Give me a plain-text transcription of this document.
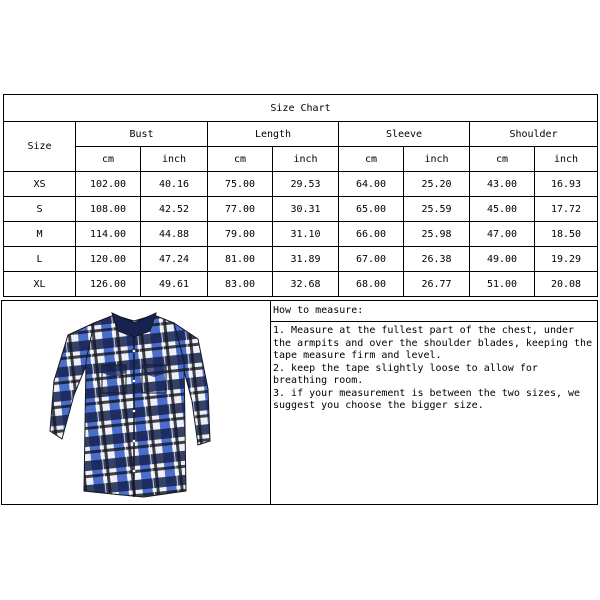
Size Chart								
Size	Bust		Length		Sleeve		Shoulder	
	cm	inch	cm	inch	cm	inch	cm	inch
XS	102.00	40.16	75.00	29.53	64.00	25.20	43.00	16.93
S	108.00	42.52	77.00	30.31	65.00	25.59	45.00	17.72
M	114.00	44.88	79.00	31.10	66.00	25.98	47.00	18.50
L	120.00	47.24	81.00	31.89	67.00	26.38	49.00	19.29
XL	126.00	49.61	83.00	32.68	68.00	26.77	51.00	20.08
How to measure:

1. Measure at the fullest part of the chest, under the armpits and over the shoulder blades, keeping the tape measure firm and level.

2. keep the tape slightly loose to allow for breathing room.

3. if your measurement is between the two sizes, we suggest you choose the bigger size.
